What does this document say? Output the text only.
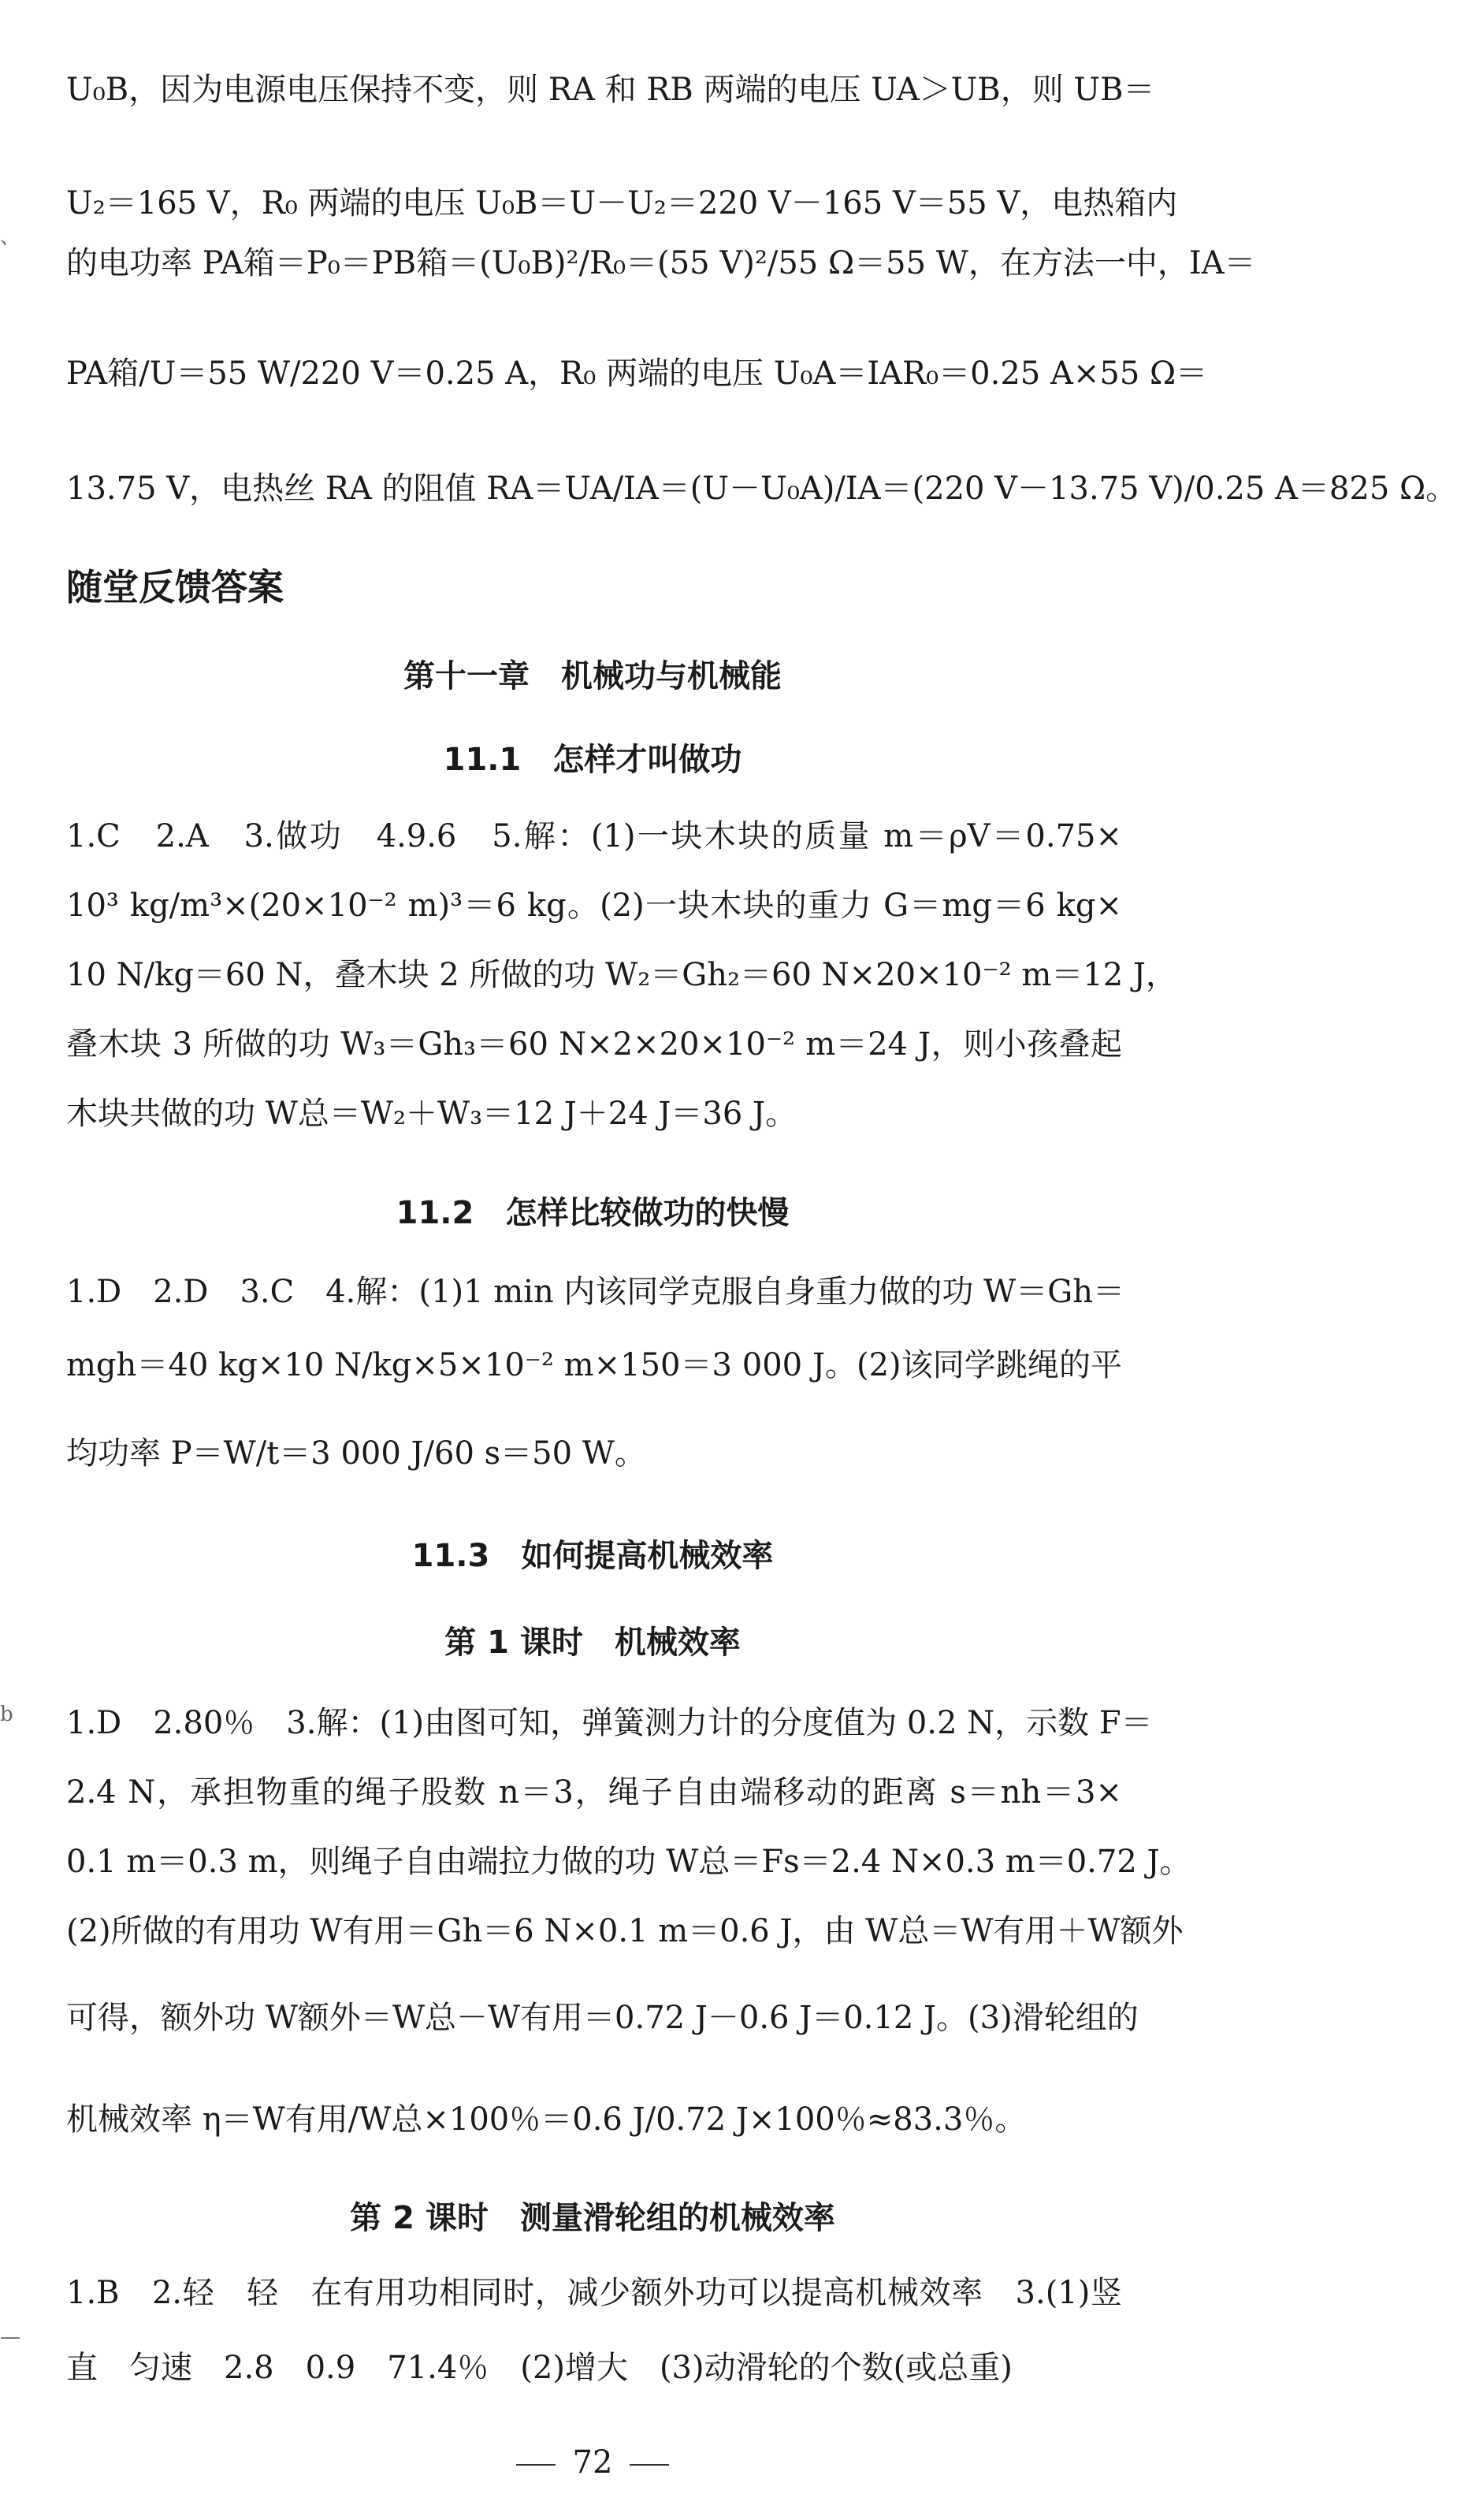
U₀B，因为电源电压保持不变，则 RA 和 RB 两端的电压 UA＞UB，则 UB＝
U₂＝165 V，R₀ 两端的电压 U₀B＝U－U₂＝220 V－165 V＝55 V，电热箱内
的电功率 PA箱＝P₀＝PB箱＝(U₀B)²/R₀＝(55 V)²/55 Ω＝55 W，在方法一中，IA＝
PA箱/U＝55 W/220 V＝0.25 A，R₀ 两端的电压 U₀A＝IAR₀＝0.25 A×55 Ω＝
13.75 V，电热丝 RA 的阻值 RA＝UA/IA＝(U－U₀A)/IA＝(220 V－13.75 V)/0.25 A＝825 Ω。
随堂反馈答案
第十一章　机械功与机械能
11.1　怎样才叫做功
1.C　2.A　3.做功　4.9.6　5.解：(1)一块木块的质量 m＝ρV＝0.75×
10³ kg/m³×(20×10⁻² m)³＝6 kg。(2)一块木块的重力 G＝mg＝6 kg×
10 N/kg＝60 N，叠木块 2 所做的功 W₂＝Gh₂＝60 N×20×10⁻² m＝12 J，
叠木块 3 所做的功 W₃＝Gh₃＝60 N×2×20×10⁻² m＝24 J，则小孩叠起
木块共做的功 W总＝W₂＋W₃＝12 J＋24 J＝36 J。
11.2　怎样比较做功的快慢
1.D　2.D　3.C　4.解：(1)1 min 内该同学克服自身重力做的功 W＝Gh＝
mgh＝40 kg×10 N/kg×5×10⁻² m×150＝3 000 J。(2)该同学跳绳的平
均功率 P＝W/t＝3 000 J/60 s＝50 W。
11.3　如何提高机械效率
第 1 课时　机械效率
1.D　2.80％　3.解：(1)由图可知，弹簧测力计的分度值为 0.2 N，示数 F＝
2.4 N，承担物重的绳子股数 n＝3，绳子自由端移动的距离 s＝nh＝3×
0.1 m＝0.3 m，则绳子自由端拉力做的功 W总＝Fs＝2.4 N×0.3 m＝0.72 J。
(2)所做的有用功 W有用＝Gh＝6 N×0.1 m＝0.6 J，由 W总＝W有用＋W额外
可得，额外功 W额外＝W总－W有用＝0.72 J－0.6 J＝0.12 J。(3)滑轮组的
机械效率 η＝W有用/W总×100％＝0.6 J/0.72 J×100％≈83.3％。
第 2 课时　测量滑轮组的机械效率
1.B　2.轻　轻　在有用功相同时，减少额外功可以提高机械效率　3.(1)竖
直　匀速　2.8　0.9　71.4％　(2)增大　(3)动滑轮的个数(或总重)
72
、
b
—
